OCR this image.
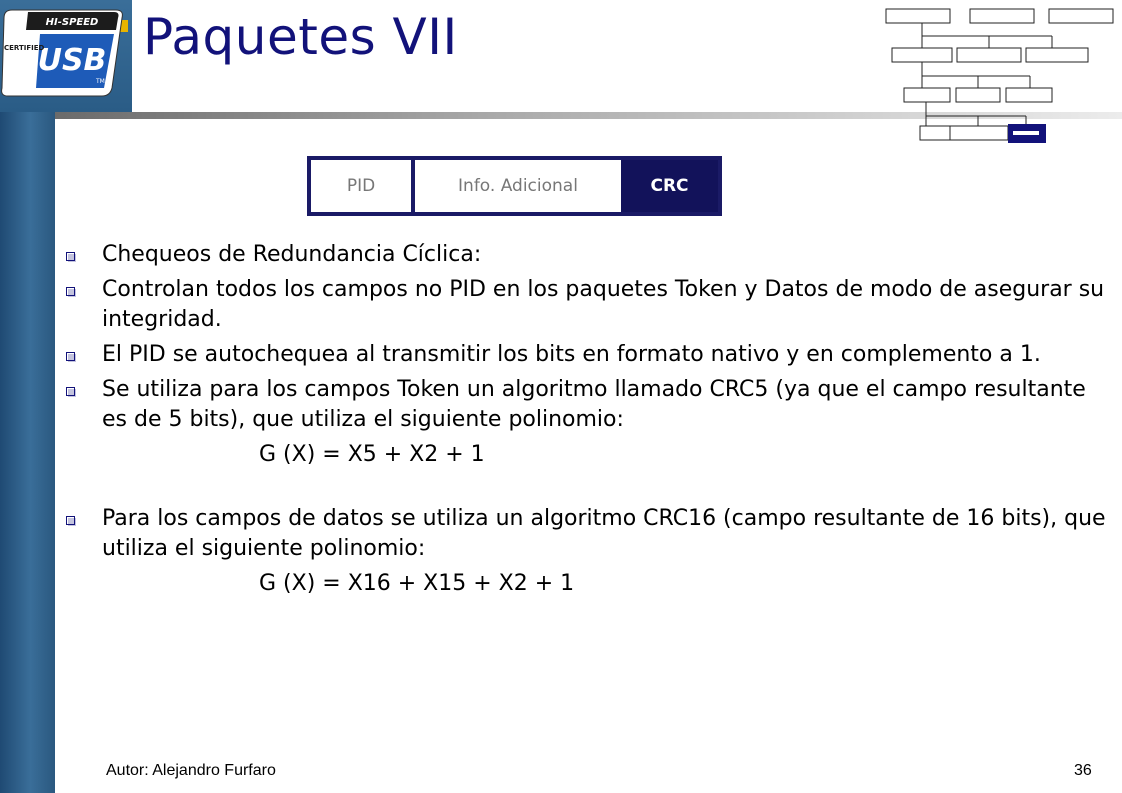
HI-SPEED
USB
TM
CERTIFIED Paquetes VII
PID	Info. Adicional	CRC
Chequeos de Redundancia Cíclica:
Controlan todos los campos no PID en los paquetes Token y Datos de modo de asegurar su integridad.
El PID se autochequea al transmitir los bits en formato nativo y en complemento a 1.
Se utiliza para los campos Token un algoritmo llamado CRC5 (ya que el campo resultante es de 5 bits), que utiliza el siguiente polinomio:
G (X) = X5 + X2 + 1
Para los campos de datos se utiliza un algoritmo CRC16 (campo resultante de 16 bits), que utiliza el siguiente polinomio:
G (X) = X16 + X15 + X2 + 1
Autor: Alejandro Furfaro	36
